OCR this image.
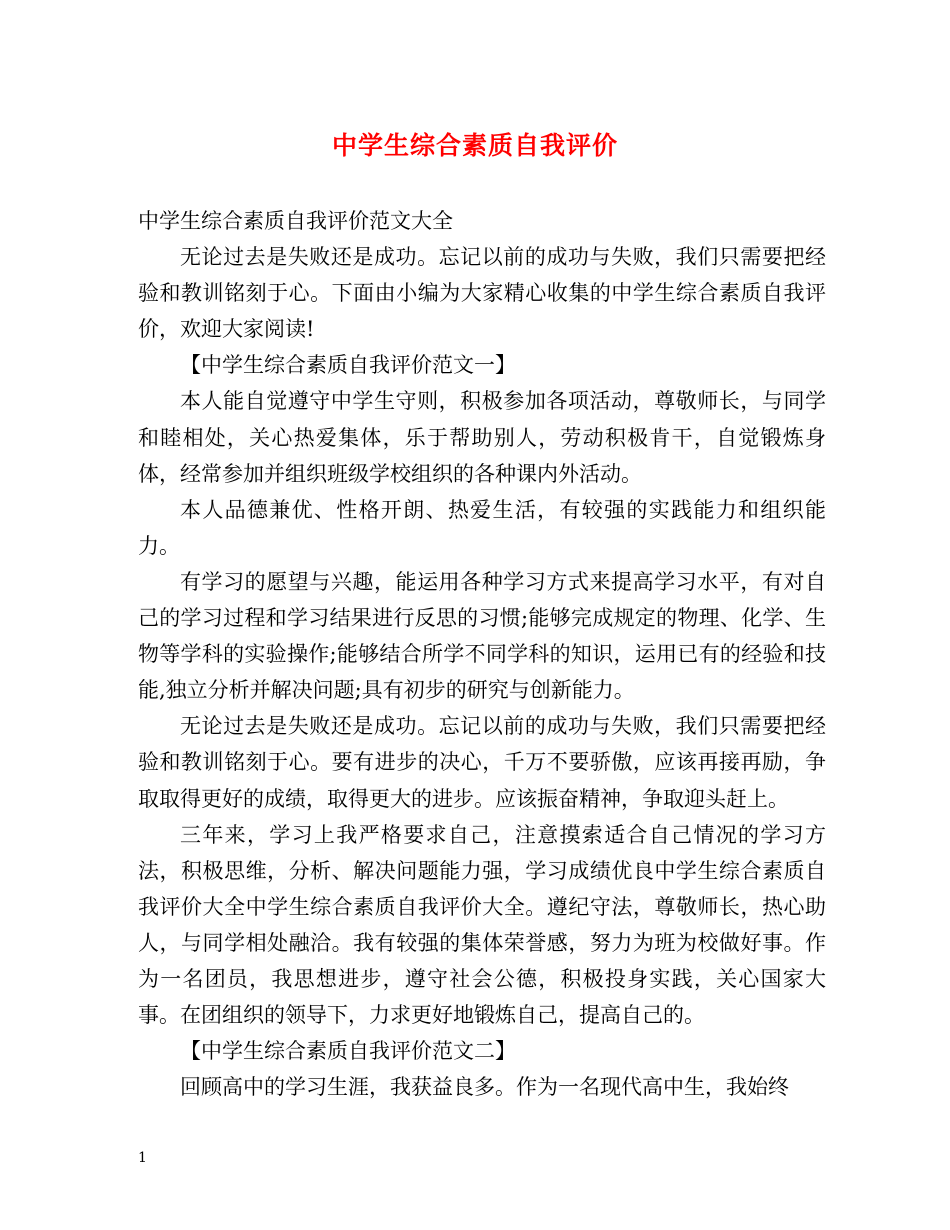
中学生综合素质自我评价

中学生综合素质自我评价范文大全

无论过去是失败还是成功。忘记以前的成功与失败，我们只需要把经验和教训铭刻于心。下面由小编为大家精心收集的中学生综合素质自我评价，欢迎大家阅读!

【中学生综合素质自我评价范文一】

本人能自觉遵守中学生守则，积极参加各项活动，尊敬师长，与同学和睦相处，关心热爱集体，乐于帮助别人，劳动积极肯干，自觉锻炼身体，经常参加并组织班级学校组织的各种课内外活动。

本人品德兼优、性格开朗、热爱生活，有较强的实践能力和组织能力。

有学习的愿望与兴趣，能运用各种学习方式来提高学习水平，有对自己的学习过程和学习结果进行反思的习惯;能够完成规定的物理、化学、生物等学科的实验操作;能够结合所学不同学科的知识，运用已有的经验和技能,独立分析并解决问题;具有初步的研究与创新能力。

无论过去是失败还是成功。忘记以前的成功与失败，我们只需要把经验和教训铭刻于心。要有进步的决心，千万不要骄傲，应该再接再励，争取取得更好的成绩，取得更大的进步。应该振奋精神，争取迎头赶上。

三年来，学习上我严格要求自己，注意摸索适合自己情况的学习方法，积极思维，分析、解决问题能力强，学习成绩优良中学生综合素质自我评价大全中学生综合素质自我评价大全。遵纪守法，尊敬师长，热心助人，与同学相处融洽。我有较强的集体荣誉感，努力为班为校做好事。作为一名团员，我思想进步，遵守社会公德，积极投身实践，关心国家大事。在团组织的领导下，力求更好地锻炼自己，提高自己的。

【中学生综合素质自我评价范文二】

回顾高中的学习生涯，我获益良多。作为一名现代高中生，我始终

1
